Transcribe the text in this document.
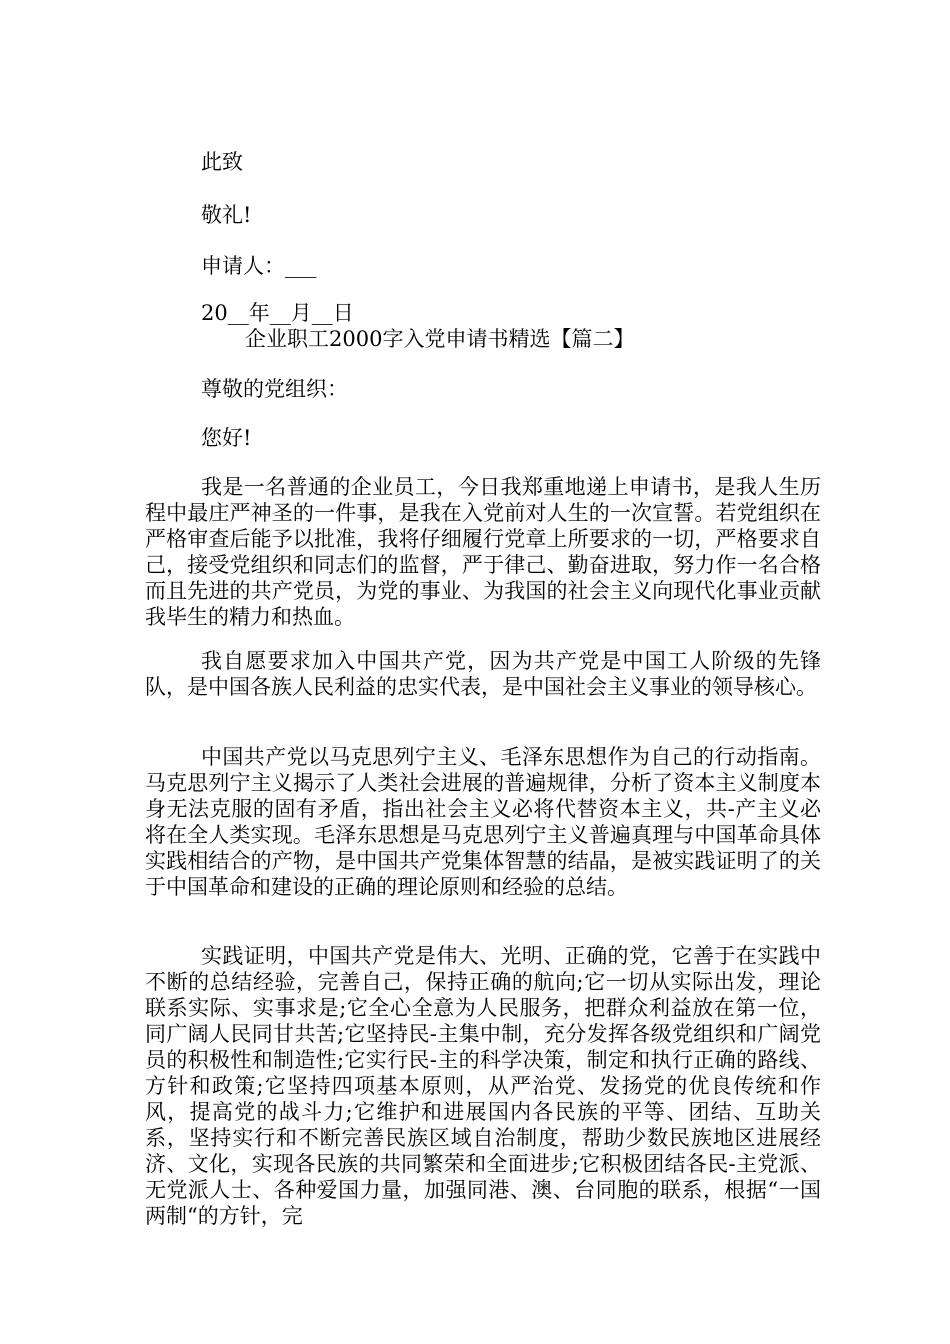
此致
敬礼!
申请人：___
20__年__月__日
企业职工2000字入党申请书精选【篇二】
尊敬的党组织：
您好!

我是一名普通的企业员工，今日我郑重地递上申请书，是我人生历程中最庄严神圣的一件事，是我在入党前对人生的一次宣誓。若党组织在严格审查后能予以批准，我将仔细履行党章上所要求的一切，严格要求自己，接受党组织和同志们的监督，严于律己、勤奋进取，努力作一名合格而且先进的共产党员，为党的事业、为我国的社会主义向现代化事业贡献我毕生的精力和热血。

我自愿要求加入中国共产党，因为共产党是中国工人阶级的先锋队，是中国各族人民利益的忠实代表，是中国社会主义事业的领导核心。

中国共产党以马克思列宁主义、毛泽东思想作为自己的行动指南。马克思列宁主义揭示了人类社会进展的普遍规律，分析了资本主义制度本身无法克服的固有矛盾，指出社会主义必将代替资本主义，共-产主义必将在全人类实现。毛泽东思想是马克思列宁主义普遍真理与中国革命具体实践相结合的产物，是中国共产党集体智慧的结晶，是被实践证明了的关于中国革命和建设的正确的理论原则和经验的总结。

实践证明，中国共产党是伟大、光明、正确的党，它善于在实践中不断的总结经验，完善自己，保持正确的航向;它一切从实际出发，理论联系实际、实事求是;它全心全意为人民服务，把群众利益放在第一位，同广阔人民同甘共苦;它坚持民-主集中制，充分发挥各级党组织和广阔党员的积极性和制造性;它实行民-主的科学决策，制定和执行正确的路线、方针和政策;它坚持四项基本原则，从严治党、发扬党的优良传统和作风，提高党的战斗力;它维护和进展国内各民族的平等、团结、互助关系，坚持实行和不断完善民族区域自治制度，帮助少数民族地区进展经济、文化，实现各民族的共同繁荣和全面进步;它积极团结各民-主党派、无党派人士、各种爱国力量，加强同港、澳、台同胞的联系，根据“一国两制“的方针，完
